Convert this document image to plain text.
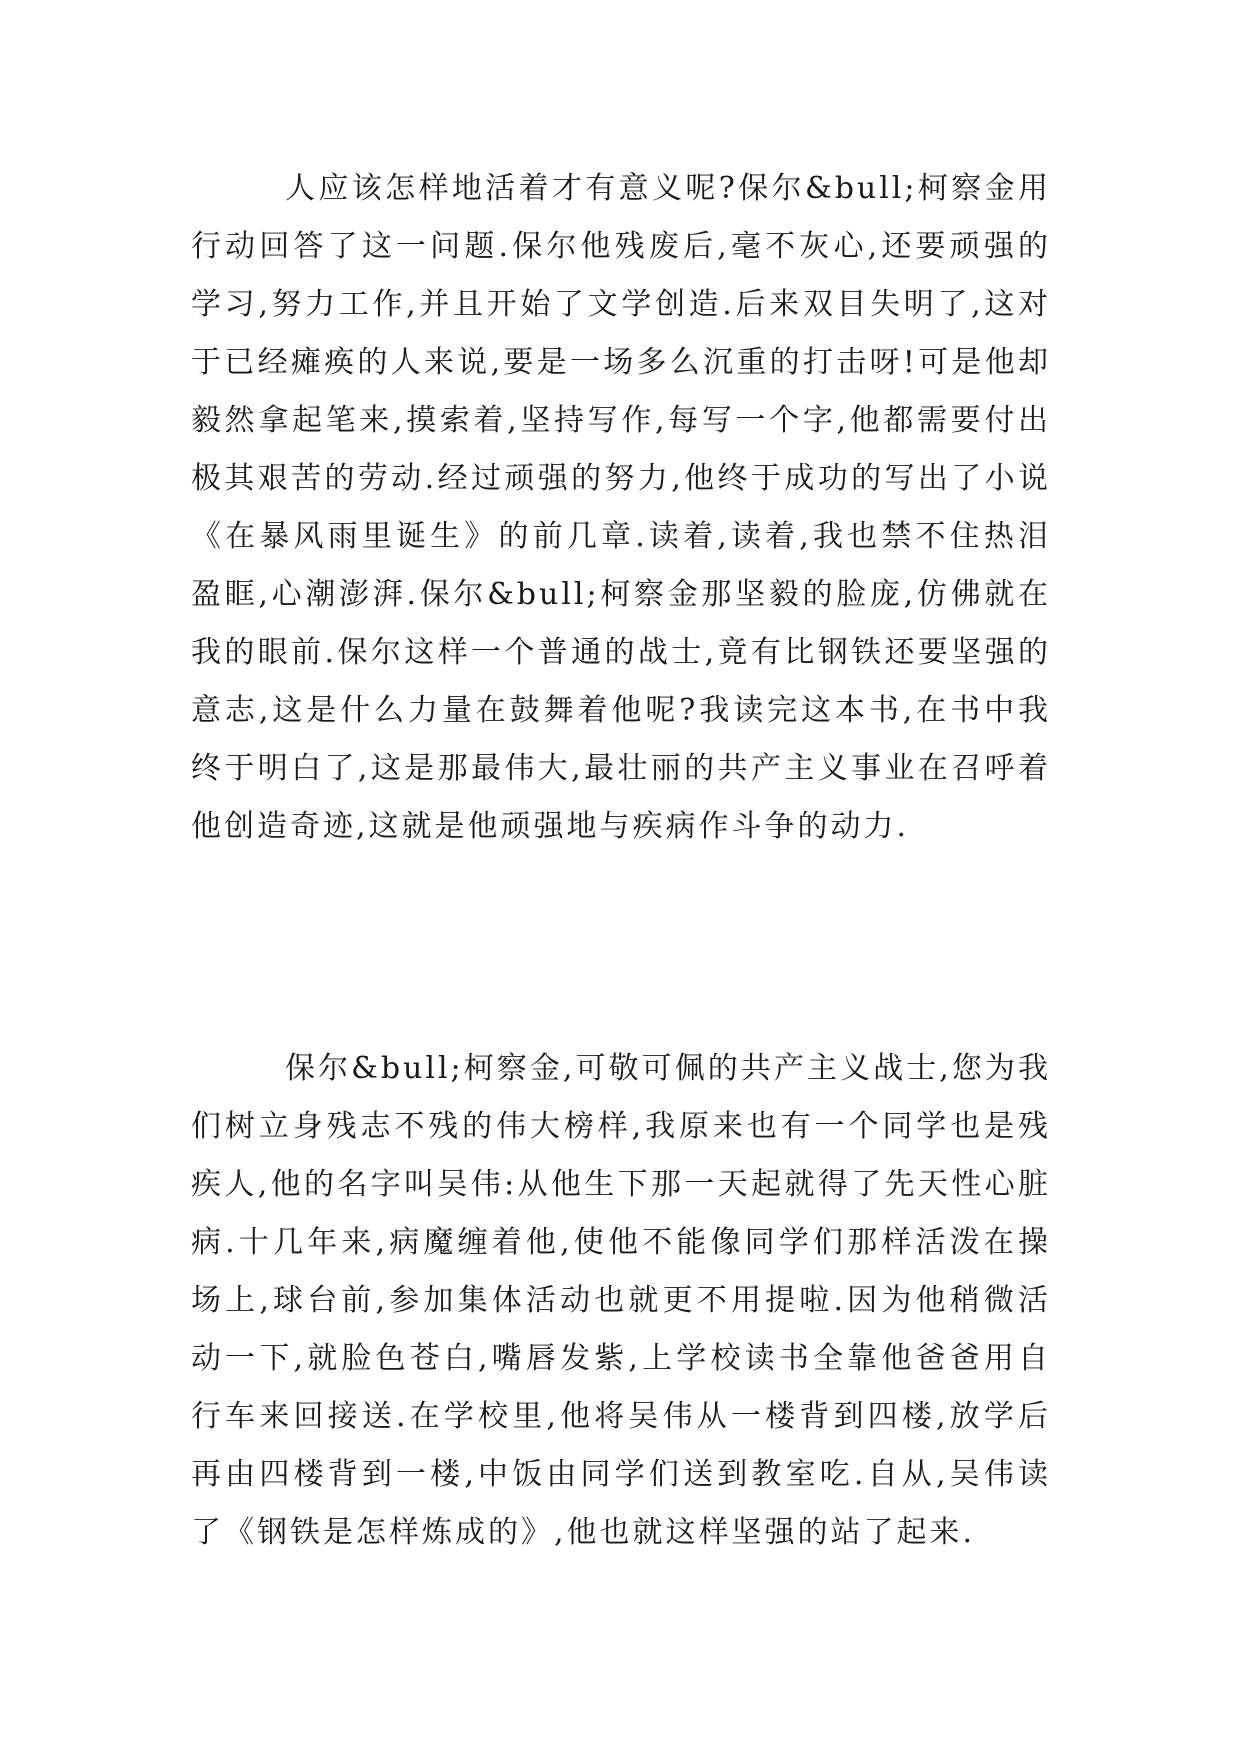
人应该怎样地活着才有意义呢?保尔&bull;柯察金用行动回答了这一问题.保尔他残废后,毫不灰心,还要顽强的学习,努力工作,并且开始了文学创造.后来双目失明了,这对于已经瘫痪的人来说,要是一场多么沉重的打击呀!可是他却毅然拿起笔来,摸索着,坚持写作,每写一个字,他都需要付出极其艰苦的劳动.经过顽强的努力,他终于成功的写出了小说《在暴风雨里诞生》的前几章.读着,读着,我也禁不住热泪盈眶,心潮澎湃.保尔&bull;柯察金那坚毅的脸庞,仿佛就在我的眼前.保尔这样一个普通的战士,竟有比钢铁还要坚强的意志,这是什么力量在鼓舞着他呢?我读完这本书,在书中我终于明白了,这是那最伟大,最壮丽的共产主义事业在召呼着他创造奇迹,这就是他顽强地与疾病作斗争的动力.

保尔&bull;柯察金,可敬可佩的共产主义战士,您为我们树立身残志不残的伟大榜样,我原来也有一个同学也是残疾人,他的名字叫吴伟:从他生下那一天起就得了先天性心脏病.十几年来,病魔缠着他,使他不能像同学们那样活泼在操场上,球台前,参加集体活动也就更不用提啦.因为他稍微活动一下,就脸色苍白,嘴唇发紫,上学校读书全靠他爸爸用自行车来回接送.在学校里,他将吴伟从一楼背到四楼,放学后再由四楼背到一楼,中饭由同学们送到教室吃.自从,吴伟读了《钢铁是怎样炼成的》,他也就这样坚强的站了起来.
